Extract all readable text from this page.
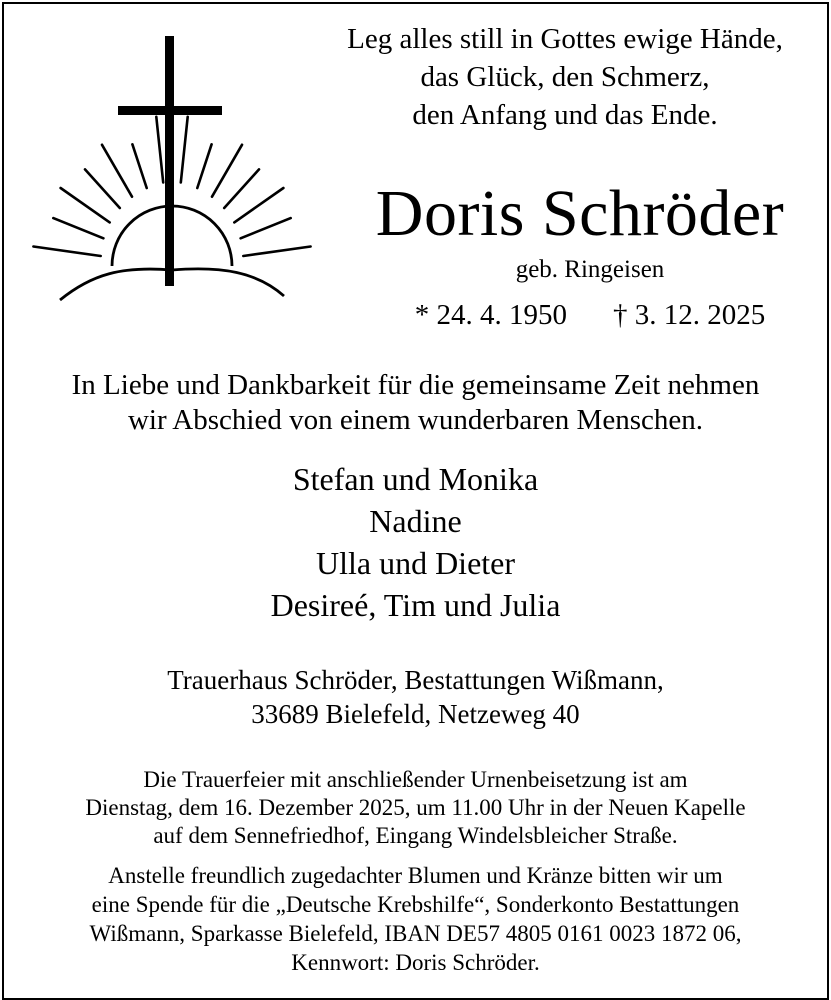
Leg alles still in Gottes ewige Hände,
das Glück, den Schmerz,
den Anfang und das Ende.
Doris Schröder
geb. Ringeisen
* 24. 4. 1950 † 3. 12. 2025
In Liebe und Dankbarkeit für die gemeinsame Zeit nehmen
wir Abschied von einem wunderbaren Menschen.
Stefan und Monika
Nadine
Ulla und Dieter
Desireé, Tim und Julia
Trauerhaus Schröder, Bestattungen Wißmann,
33689 Bielefeld, Netzeweg 40
Die Trauerfeier mit anschließender Urnenbeisetzung ist am
Dienstag, dem 16. Dezember 2025, um 11.00 Uhr in der Neuen Kapelle
auf dem Sennefriedhof, Eingang Windelsbleicher Straße.
Anstelle freundlich zugedachter Blumen und Kränze bitten wir um
eine Spende für die „Deutsche Krebshilfe“, Sonderkonto Bestattungen
Wißmann, Sparkasse Bielefeld, IBAN DE57 4805 0161 0023 1872 06,
Kennwort: Doris Schröder.
